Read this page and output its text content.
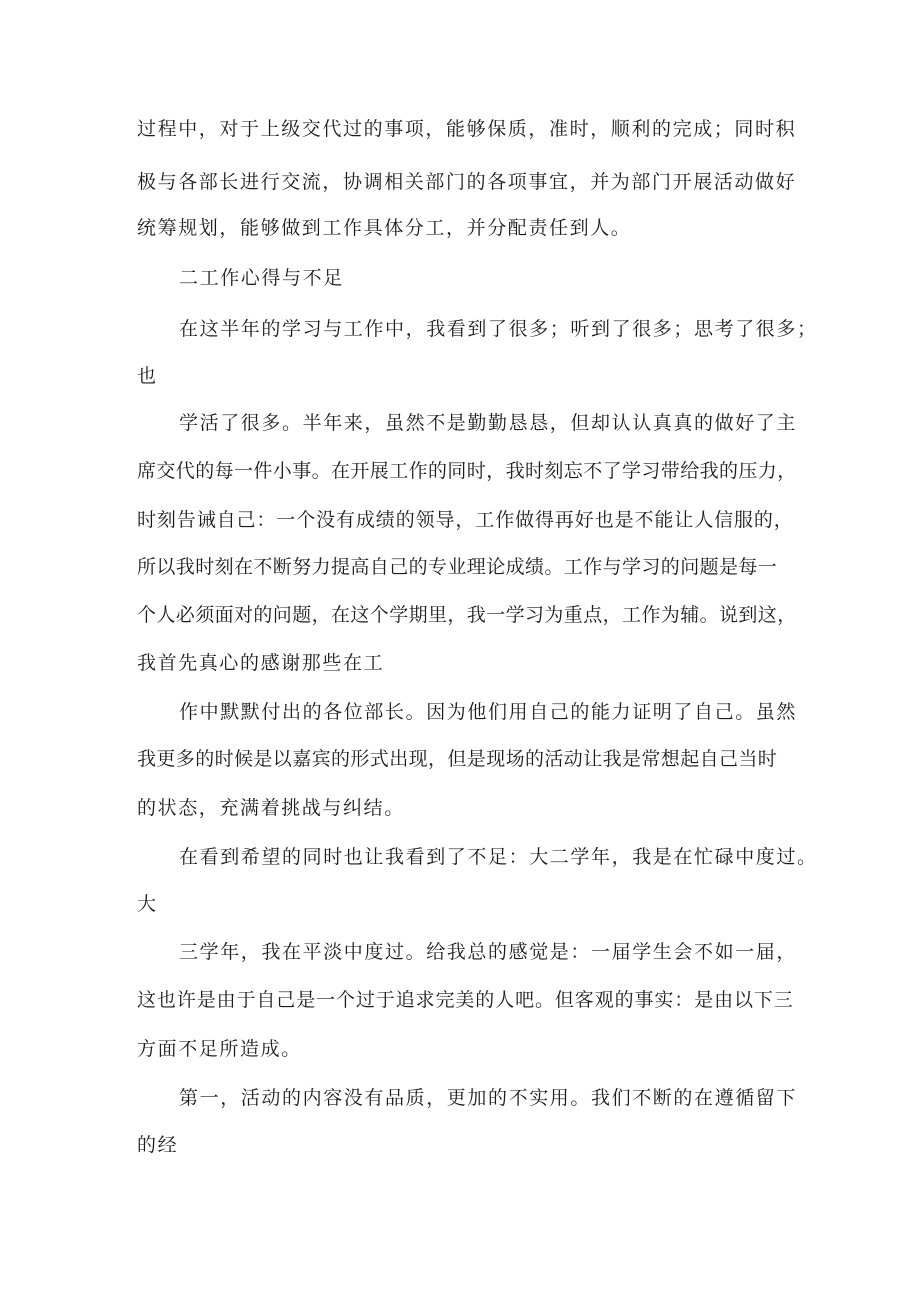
过程中，对于上级交代过的事项，能够保质，准时，顺利的完成；同时积
极与各部长进行交流，协调相关部门的各项事宜，并为部门开展活动做好
统筹规划，能够做到工作具体分工，并分配责任到人。
二工作心得与不足
在这半年的学习与工作中，我看到了很多；听到了很多；思考了很多；
也
学活了很多。半年来，虽然不是勤勤恳恳，但却认认真真的做好了主
席交代的每一件小事。在开展工作的同时，我时刻忘不了学习带给我的压力，
时刻告诫自己：一个没有成绩的领导，工作做得再好也是不能让人信服的，
所以我时刻在不断努力提高自己的专业理论成绩。工作与学习的问题是每一
个人必须面对的问题，在这个学期里，我一学习为重点，工作为辅。说到这，
我首先真心的感谢那些在工
作中默默付出的各位部长。因为他们用自己的能力证明了自己。虽然
我更多的时候是以嘉宾的形式出现，但是现场的活动让我是常想起自己当时
的状态，充满着挑战与纠结。
在看到希望的同时也让我看到了不足：大二学年，我是在忙碌中度过。
大
三学年，我在平淡中度过。给我总的感觉是：一届学生会不如一届，
这也许是由于自己是一个过于追求完美的人吧。但客观的事实：是由以下三
方面不足所造成。
第一，活动的内容没有品质，更加的不实用。我们不断的在遵循留下
的经
